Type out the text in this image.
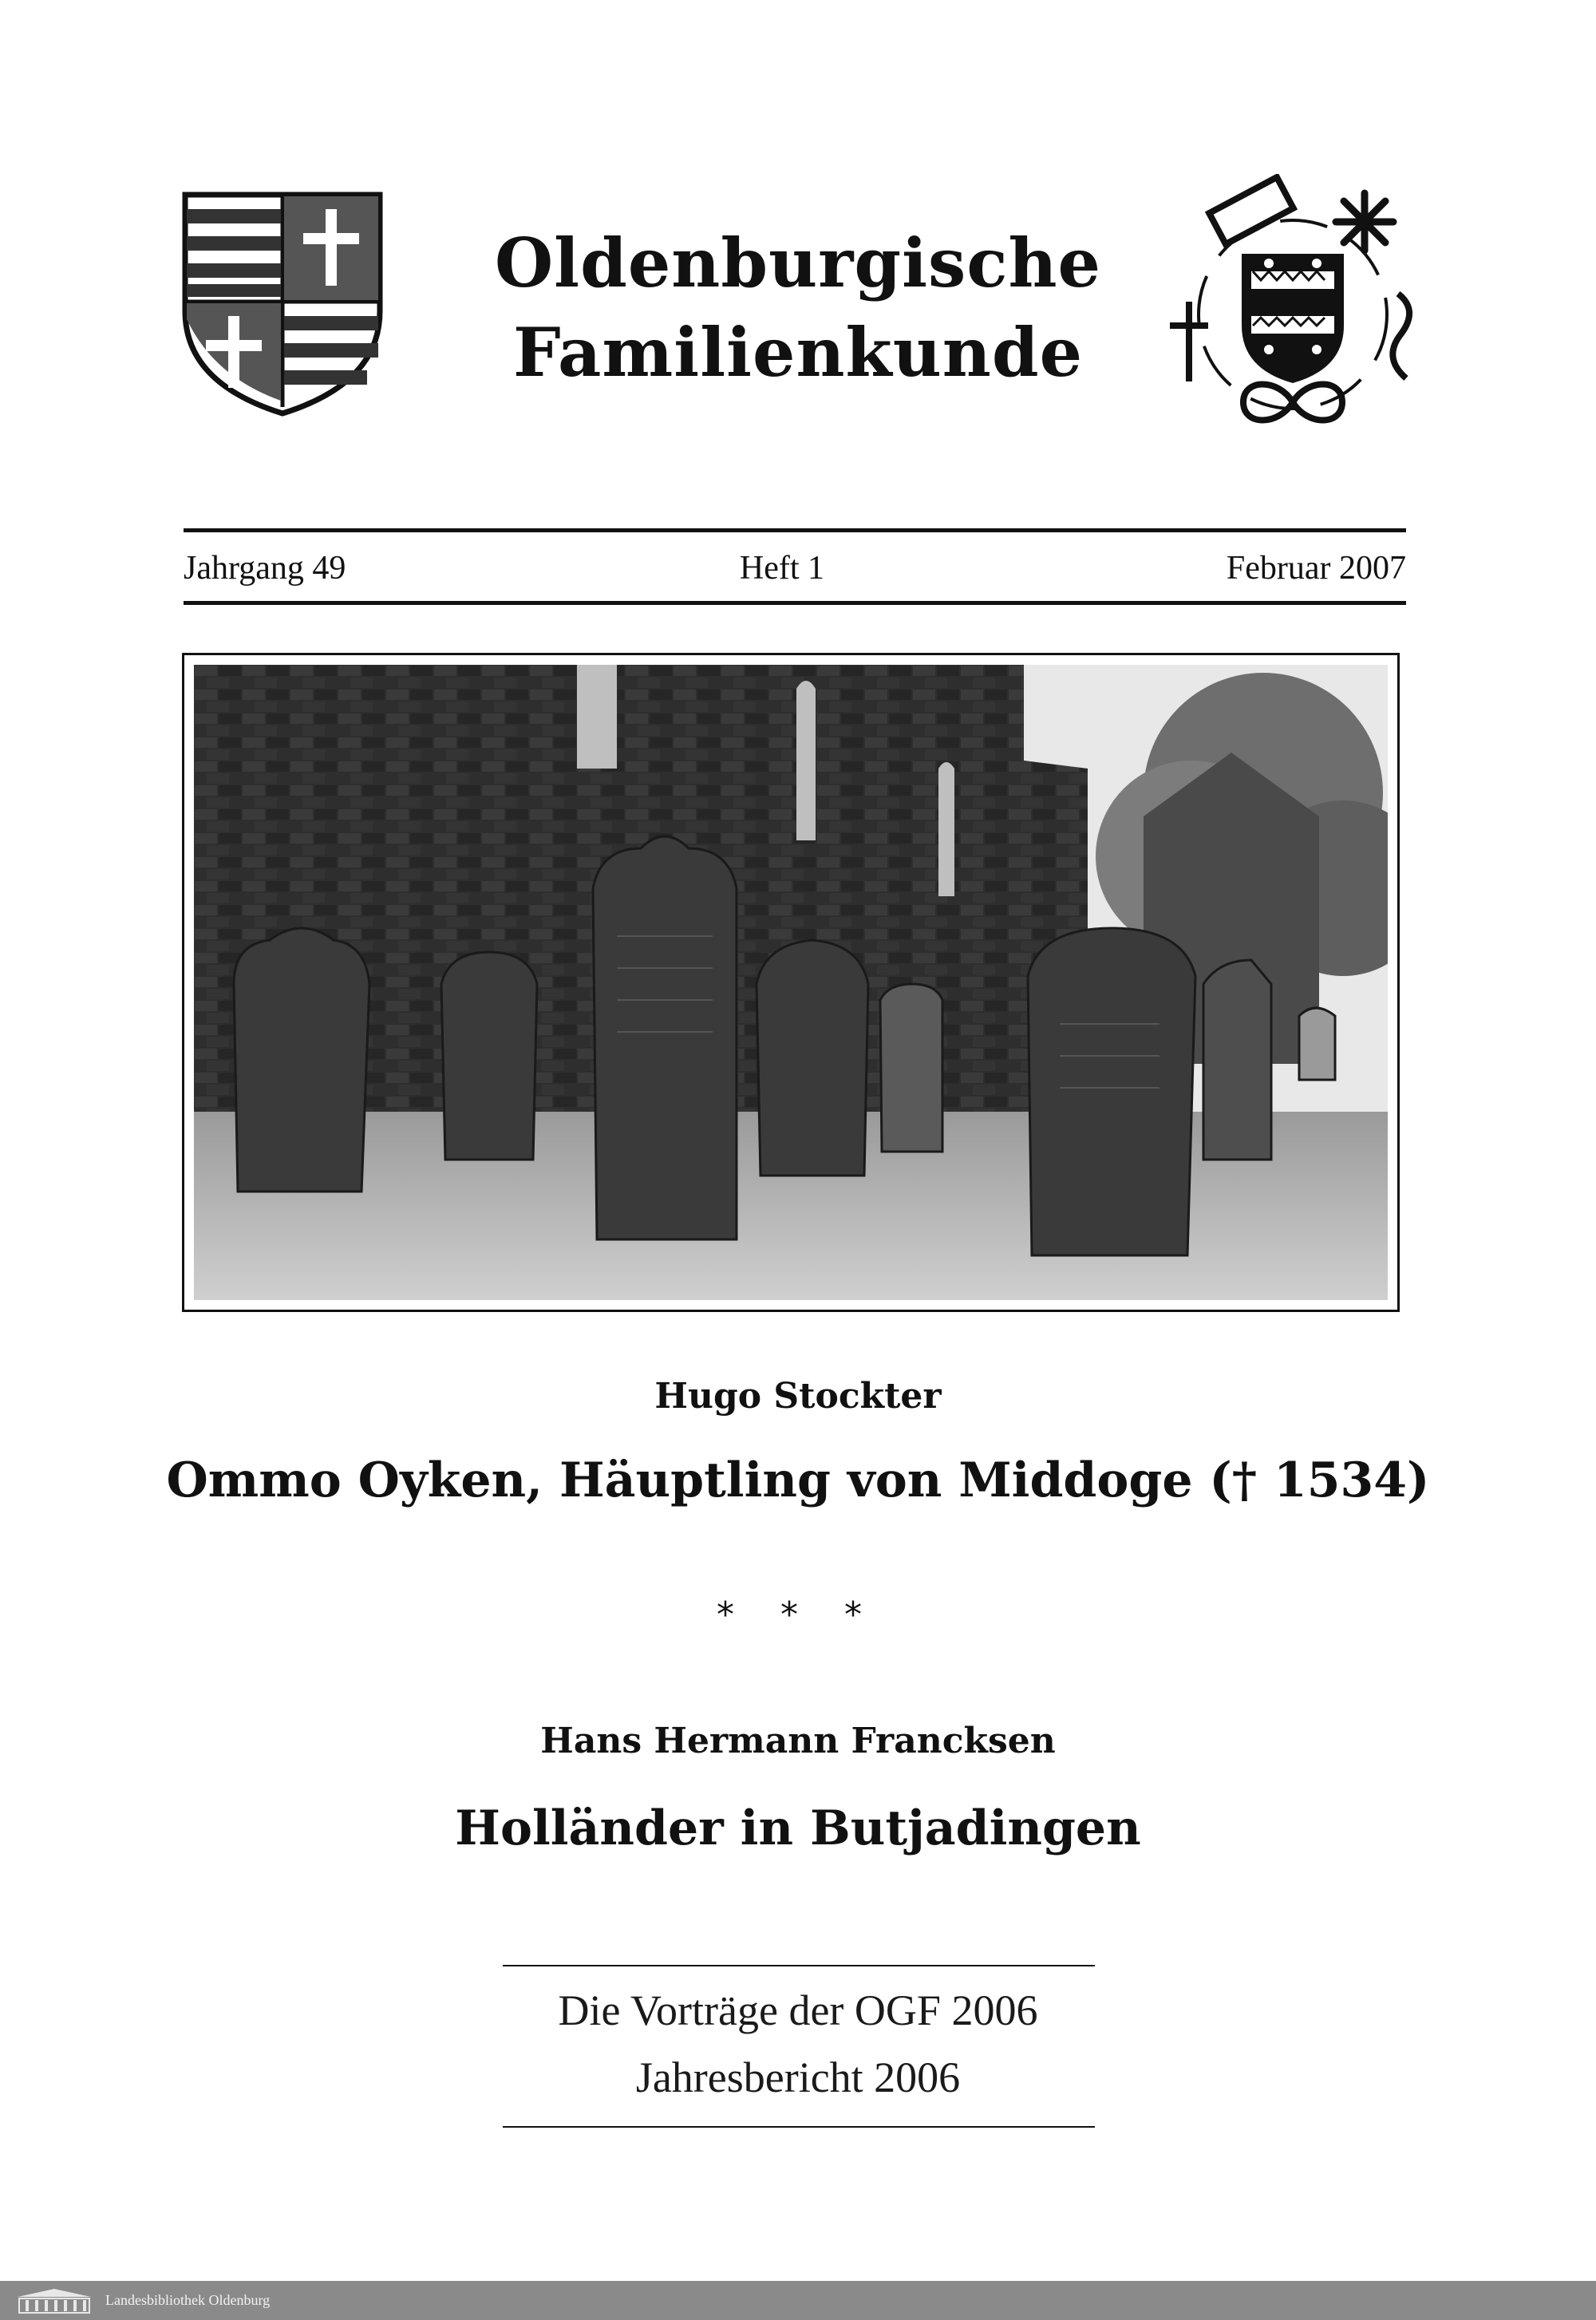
Oldenburgische
Familienkunde
Jahrgang 49	Heft 1	Februar 2007
Hugo Stockter
Ommo Oyken, Häuptling von Middoge († 1534)
* * *
Hans Hermann Francksen
Holländer in Butjadingen
Die Vorträge der OGF 2006
Jahresbericht 2006
Landesbibliothek Oldenburg
